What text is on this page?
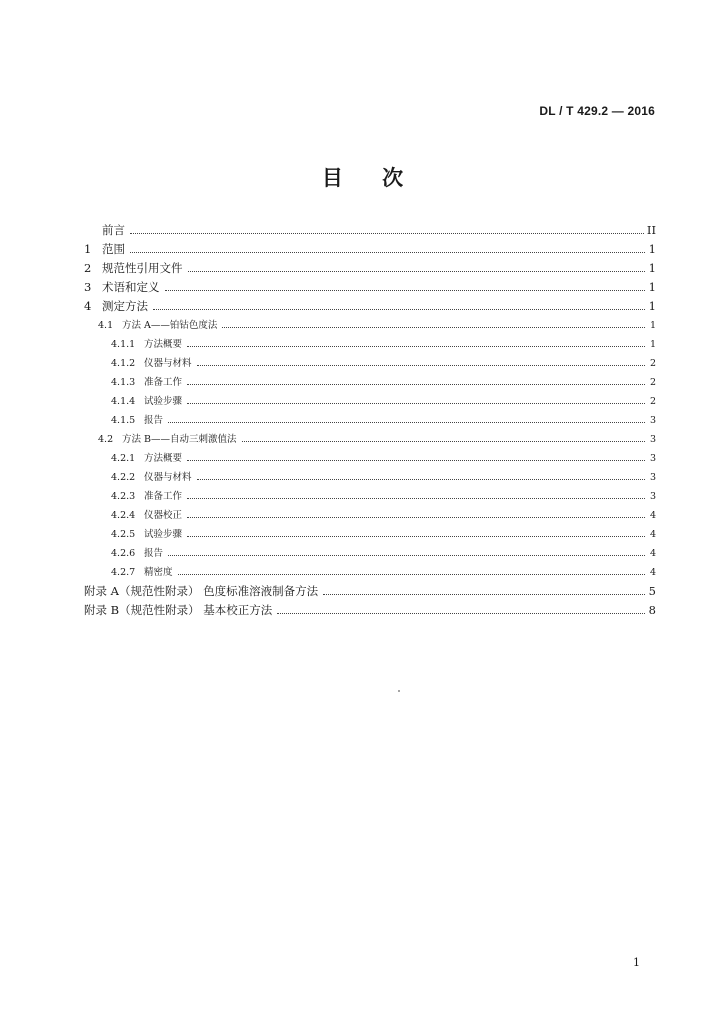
DL / T 429.2 — 2016
目 次
前言	II
1 范围	1
2 规范性引用文件	1
3 术语和定义	1
4 测定方法	1
4.1 方法 A——铂钴色度法	1
4.1.1 方法概要	1
4.1.2 仪器与材料	2
4.1.3 准备工作	2
4.1.4 试验步骤	2
4.1.5 报告	3
4.2 方法 B——自动三刺激值法	3
4.2.1 方法概要	3
4.2.2 仪器与材料	3
4.2.3 准备工作	3
4.2.4 仪器校正	4
4.2.5 试验步骤	4
4.2.6 报告	4
4.2.7 精密度	4
附录 A（规范性附录） 色度标准溶液制备方法	5
附录 B（规范性附录） 基本校正方法	8
1
